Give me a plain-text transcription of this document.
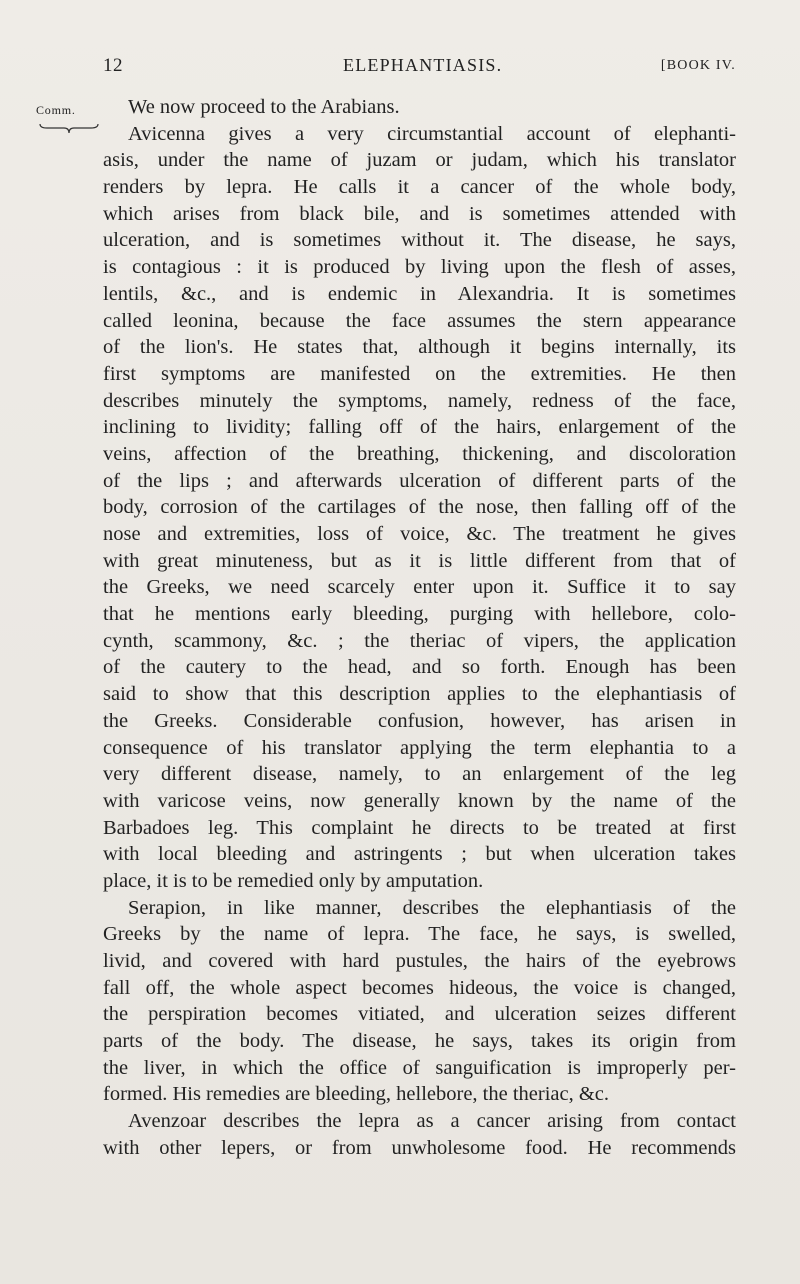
12	ELEPHANTIASIS.	[BOOK IV.
Comm.	We now proceed to the Arabians.
Avicenna gives a very circumstantial account of elephanti-
asis, under the name of juzam or judam, which his translator
renders by lepra. He calls it a cancer of the whole body,
which arises from black bile, and is sometimes attended with
ulceration, and is sometimes without it. The disease, he says,
is contagious : it is produced by living upon the flesh of asses,
lentils, &c., and is endemic in Alexandria. It is sometimes
called leonina, because the face assumes the stern appearance
of the lion's. He states that, although it begins internally, its
first symptoms are manifested on the extremities. He then
describes minutely the symptoms, namely, redness of the face,
inclining to lividity; falling off of the hairs, enlargement of the
veins, affection of the breathing, thickening, and discoloration
of the lips ; and afterwards ulceration of different parts of the
body, corrosion of the cartilages of the nose, then falling off of the
nose and extremities, loss of voice, &c. The treatment he gives
with great minuteness, but as it is little different from that of
the Greeks, we need scarcely enter upon it. Suffice it to say
that he mentions early bleeding, purging with hellebore, colo-
cynth, scammony, &c. ; the theriac of vipers, the application
of the cautery to the head, and so forth. Enough has been
said to show that this description applies to the elephantiasis of
the Greeks. Considerable confusion, however, has arisen in
consequence of his translator applying the term elephantia to a
very different disease, namely, to an enlargement of the leg
with varicose veins, now generally known by the name of the
Barbadoes leg. This complaint he directs to be treated at first
with local bleeding and astringents ; but when ulceration takes
place, it is to be remedied only by amputation.
Serapion, in like manner, describes the elephantiasis of the
Greeks by the name of lepra. The face, he says, is swelled,
livid, and covered with hard pustules, the hairs of the eyebrows
fall off, the whole aspect becomes hideous, the voice is changed,
the perspiration becomes vitiated, and ulceration seizes different
parts of the body. The disease, he says, takes its origin from
the liver, in which the office of sanguification is improperly per-
formed. His remedies are bleeding, hellebore, the theriac, &c.
Avenzoar describes the lepra as a cancer arising from contact
with other lepers, or from unwholesome food. He recommends
